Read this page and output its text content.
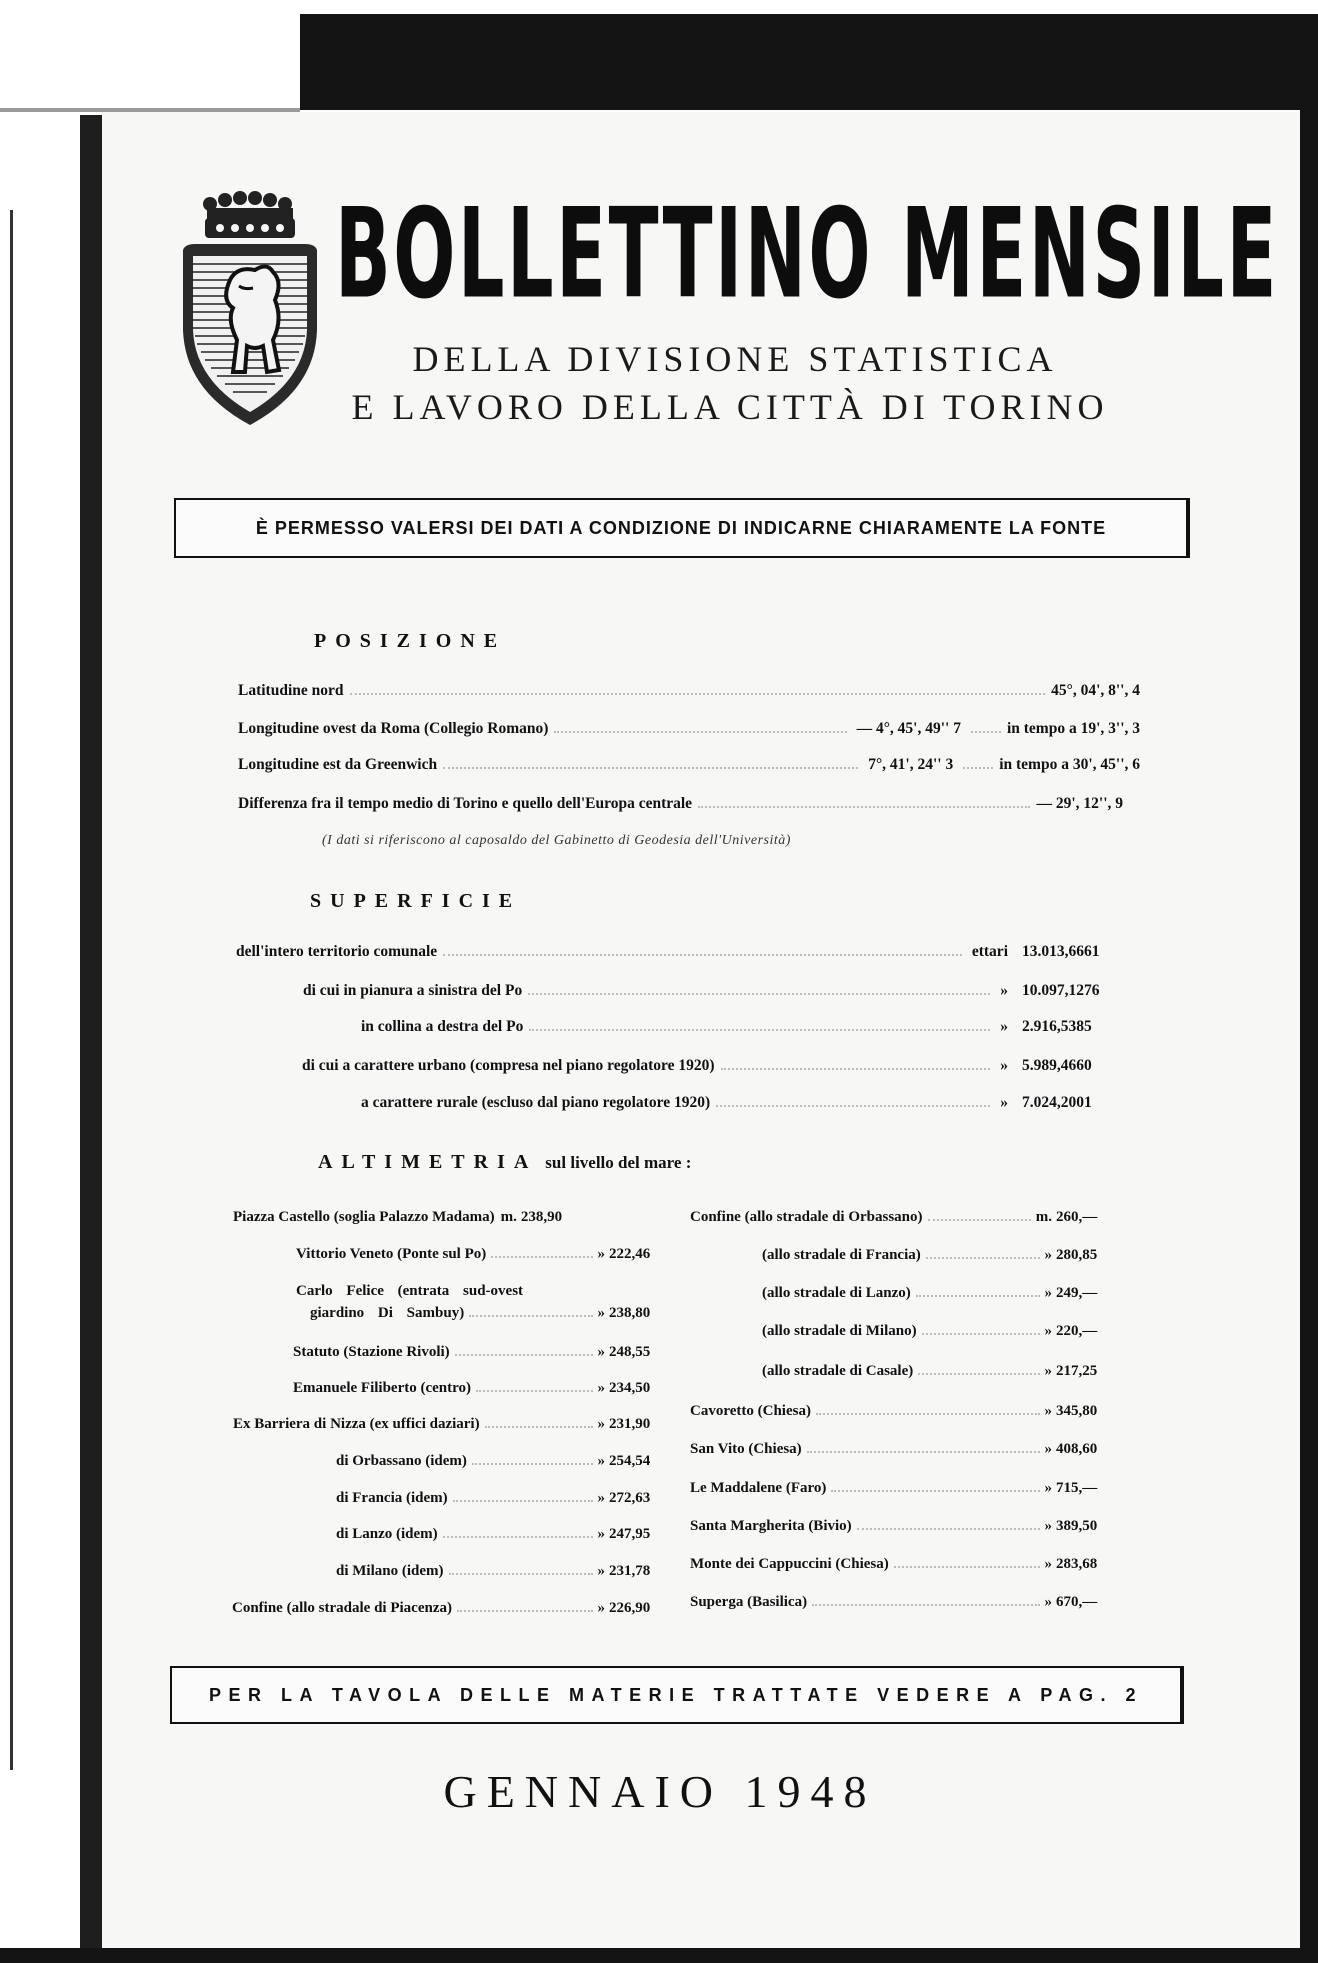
BOLLETTINO MENSILE
DELLA DIVISIONE STATISTICA
E LAVORO DELLA CITTÀ DI TORINO
È PERMESSO VALERSI DEI DATI A CONDIZIONE DI INDICARNE CHIARAMENTE LA FONTE
POSIZIONE
Latitudine nord	45°, 04', 8'', 4
Longitudine ovest da Roma (Collegio Romano)	— 4°, 45', 49'' 7	in tempo a 19', 3'', 3
Longitudine est da Greenwich	7°, 41', 24'' 3	in tempo a 30', 45'', 6
Differenza fra il tempo medio di Torino e quello dell'Europa centrale	— 29', 12'', 9
(I dati si riferiscono al caposaldo del Gabinetto di Geodesia dell'Università)
SUPERFICIE
dell'intero territorio comunale	ettari 13.013,6661
di cui in pianura a sinistra del Po	» 10.097,1276
in collina a destra del Po	» 2.916,5385
di cui a carattere urbano (compresa nel piano regolatore 1920)	» 5.989,4660
a carattere rurale (escluso dal piano regolatore 1920)	» 7.024,2001
ALTIMETRIA sul livello del mare :
Piazza Castello (soglia Palazzo Madama) m. 238,90
Vittorio Veneto (Ponte sul Po)	» 222,46
Carlo Felice (entrata sud-ovest
giardino Di Sambuy)	» 238,80
Statuto (Stazione Rivoli)	» 248,55
Emanuele Filiberto (centro)	» 234,50
Ex Barriera di Nizza (ex uffici daziari)	» 231,90
di Orbassano (idem)	» 254,54
di Francia (idem)	» 272,63
di Lanzo (idem)	» 247,95
di Milano (idem)	» 231,78
Confine (allo stradale di Piacenza)	» 226,90
Confine (allo stradale di Orbassano)	m. 260,—
(allo stradale di Francia)	» 280,85
(allo stradale di Lanzo)	» 249,—
(allo stradale di Milano)	» 220,—
(allo stradale di Casale)	» 217,25
Cavoretto (Chiesa)	» 345,80
San Vito (Chiesa)	» 408,60
Le Maddalene (Faro)	» 715,—
Santa Margherita (Bivio)	» 389,50
Monte dei Cappuccini (Chiesa)	» 283,68
Superga (Basilica)	» 670,—
PER LA TAVOLA DELLE MATERIE TRATTATE VEDERE A PAG. 2
GENNAIO 1948
